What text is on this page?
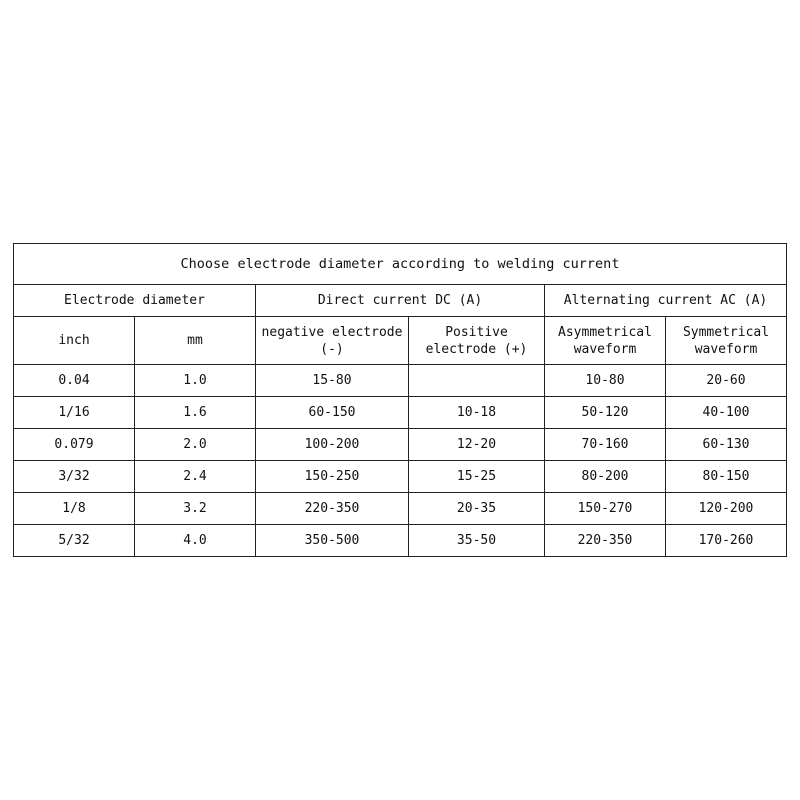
Choose electrode diameter according to welding current					
Electrode diameter		Direct current DC (A)		Alternating current AC (A)	
inch	mm	negative electrode (-)	Positive electrode (+)	Asymmetrical waveform	Symmetrical waveform
0.04	1.0	15-80		10-80	20-60
1/16	1.6	60-150	10-18	50-120	40-100
0.079	2.0	100-200	12-20	70-160	60-130
3/32	2.4	150-250	15-25	80-200	80-150
1/8	3.2	220-350	20-35	150-270	120-200
5/32	4.0	350-500	35-50	220-350	170-260
